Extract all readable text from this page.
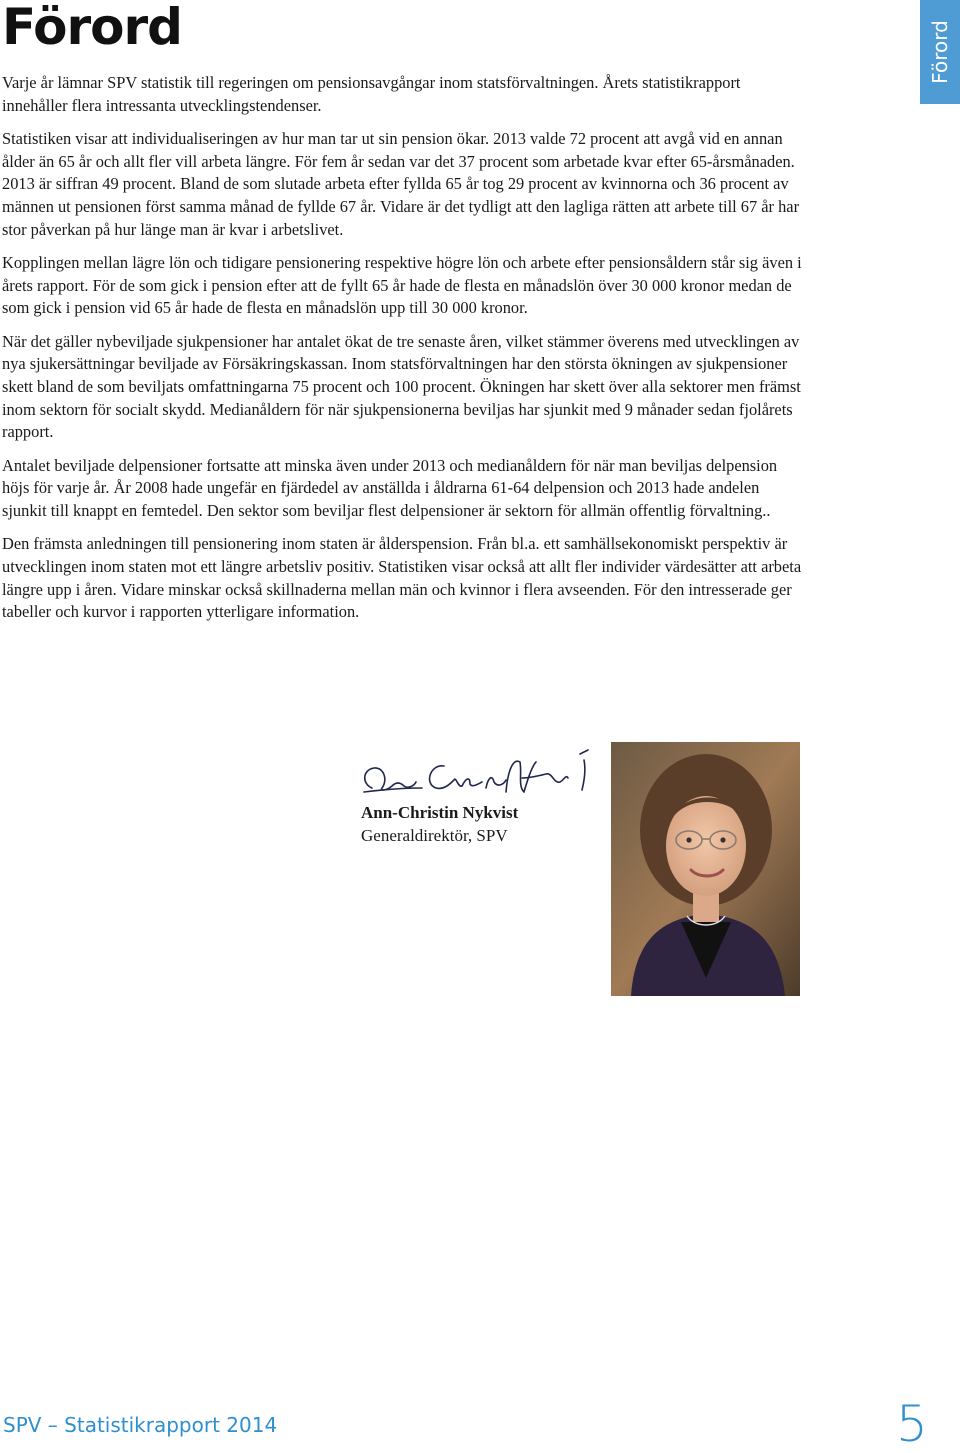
Förord	Förord

Varje år lämnar SPV statistik till regeringen om pensionsavgångar inom statsförvaltningen. Årets statistikrapport innehåller flera intressanta utvecklingstendenser.

Statistiken visar att individualiseringen av hur man tar ut sin pension ökar. 2013 valde 72 procent att avgå vid en annan ålder än 65 år och allt fler vill arbeta längre. För fem år sedan var det 37 procent som arbetade kvar efter 65-årsmånaden. 2013 är siffran 49 procent. Bland de som slutade arbeta efter fyllda 65 år tog 29 procent av kvinnorna och 36 procent av männen ut pensionen först samma månad de fyllde 67 år. Vidare är det tydligt att den lagliga rätten att arbete till 67 år har stor påverkan på hur länge man är kvar i arbetslivet.

Kopplingen mellan lägre lön och tidigare pensionering respektive högre lön och arbete efter pensionsåldern står sig även i årets rapport. För de som gick i pension efter att de fyllt 65 år hade de flesta en månadslön över 30 000 kronor medan de som gick i pension vid 65 år hade de flesta en månadslön upp till 30 000 kronor.

När det gäller nybeviljade sjukpensioner har antalet ökat de tre senaste åren, vilket stämmer överens med utvecklingen av nya sjukersättningar beviljade av Försäkringskassan. Inom statsförvaltningen har den största ökningen av sjukpensioner skett bland de som beviljats omfattningarna 75 procent och 100 procent. Ökningen har skett över alla sektorer men främst inom sektorn för socialt skydd. Medianåldern för när sjukpensionerna beviljas har sjunkit med 9 månader sedan fjolårets rapport.

Antalet beviljade delpensioner fortsatte att minska även under 2013 och medianåldern för när man beviljas delpension höjs för varje år. År 2008 hade ungefär en fjärdedel av anställda i åldrarna 61-64 delpension och 2013 hade andelen sjunkit till knappt en femtedel. Den sektor som beviljar flest delpensioner är sektorn för allmän offentlig förvaltning..

Den främsta anledningen till pensionering inom staten är ålderspension. Från bl.a. ett samhällsekonomiskt perspektiv är utvecklingen inom staten mot ett längre arbetsliv positiv. Statistiken visar också att allt fler individer värdesätter att arbeta längre upp i åren. Vidare minskar också skillnaderna mellan män och kvinnor i flera avseenden. För den intresserade ger tabeller och kurvor i rapporten ytterligare information.

Ann-Christin Nykvist
Generaldirektör, SPV
SPV – Statistikrapport 2014	5
